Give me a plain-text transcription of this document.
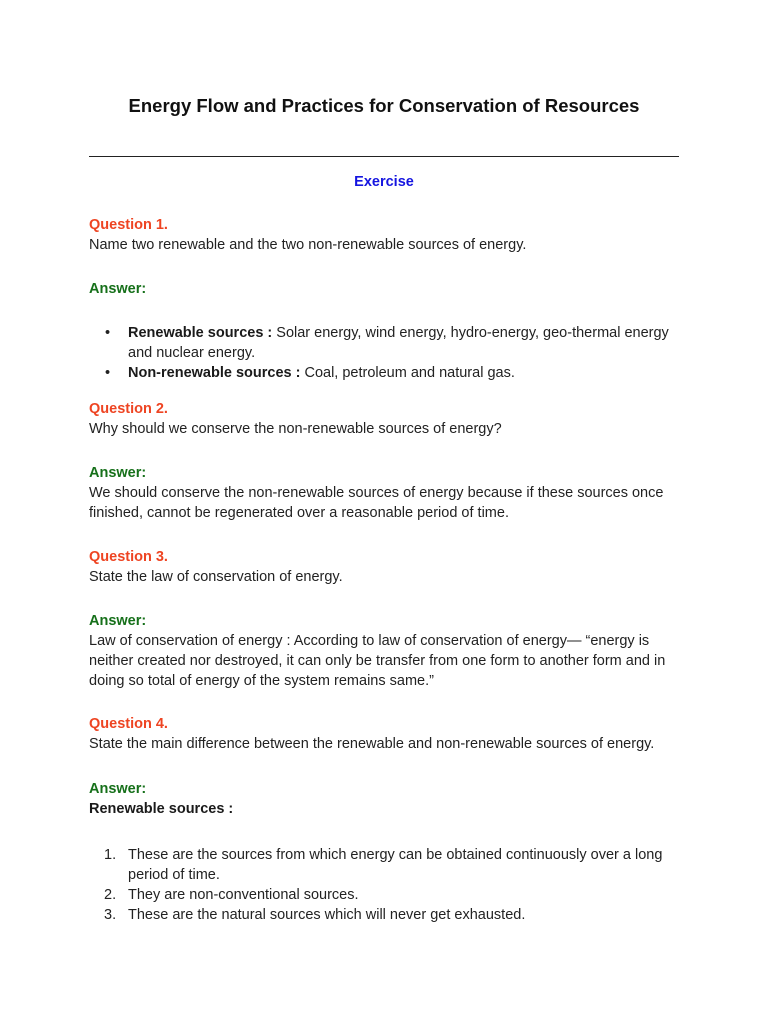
Energy Flow and Practices for Conservation of Resources
Exercise
Question 1.
Name two renewable and the two non-renewable sources of energy.
Answer:
• Renewable sources : Solar energy, wind energy, hydro-energy, geo-thermal energy and nuclear energy.
• Non-renewable sources : Coal, petroleum and natural gas.
Question 2.
Why should we conserve the non-renewable sources of energy?
Answer:
We should conserve the non-renewable sources of energy because if these sources once finished, cannot be regenerated over a reasonable period of time.
Question 3.
State the law of conservation of energy.
Answer:
Law of conservation of energy : According to law of conservation of energy— “energy is neither created nor destroyed, it can only be transfer from one form to another form and in doing so total of energy of the system remains same.”
Question 4.
State the main difference between the renewable and non-renewable sources of energy.
Answer:
Renewable sources :
1. These are the sources from which energy can be obtained continuously over a long period of time.
2. They are non-conventional sources.
3. These are the natural sources which will never get exhausted.
